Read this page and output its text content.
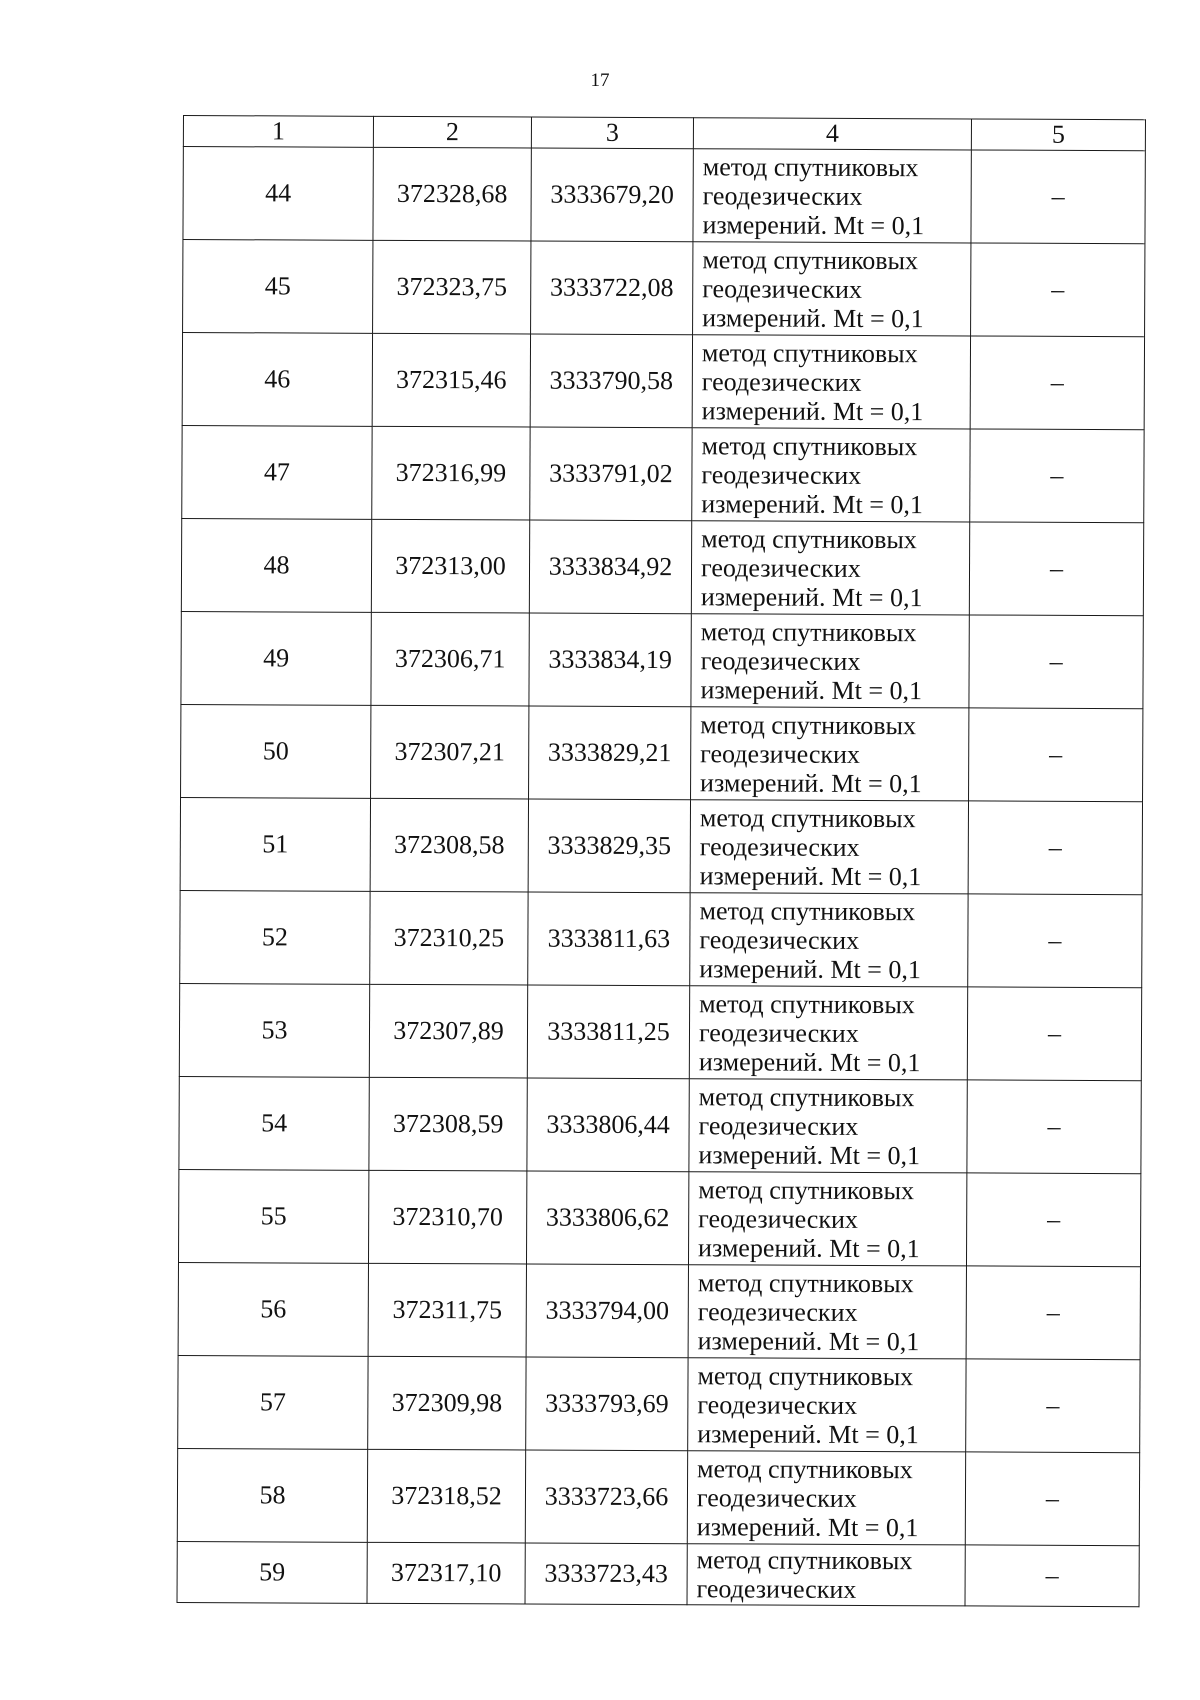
17
1	2	3	4	5
44	372328,68	3333679,20	метод спутниковых
геодезических
измерений. Mt = 0,1	–
45	372323,75	3333722,08	метод спутниковых
геодезических
измерений. Mt = 0,1	–
46	372315,46	3333790,58	метод спутниковых
геодезических
измерений. Mt = 0,1	–
47	372316,99	3333791,02	метод спутниковых
геодезических
измерений. Mt = 0,1	–
48	372313,00	3333834,92	метод спутниковых
геодезических
измерений. Mt = 0,1	–
49	372306,71	3333834,19	метод спутниковых
геодезических
измерений. Mt = 0,1	–
50	372307,21	3333829,21	метод спутниковых
геодезических
измерений. Mt = 0,1	–
51	372308,58	3333829,35	метод спутниковых
геодезических
измерений. Mt = 0,1	–
52	372310,25	3333811,63	метод спутниковых
геодезических
измерений. Mt = 0,1	–
53	372307,89	3333811,25	метод спутниковых
геодезических
измерений. Mt = 0,1	–
54	372308,59	3333806,44	метод спутниковых
геодезических
измерений. Mt = 0,1	–
55	372310,70	3333806,62	метод спутниковых
геодезических
измерений. Mt = 0,1	–
56	372311,75	3333794,00	метод спутниковых
геодезических
измерений. Mt = 0,1	–
57	372309,98	3333793,69	метод спутниковых
геодезических
измерений. Mt = 0,1	–
58	372318,52	3333723,66	метод спутниковых
геодезических
измерений. Mt = 0,1	–
59	372317,10	3333723,43	метод спутниковых
геодезических	–
